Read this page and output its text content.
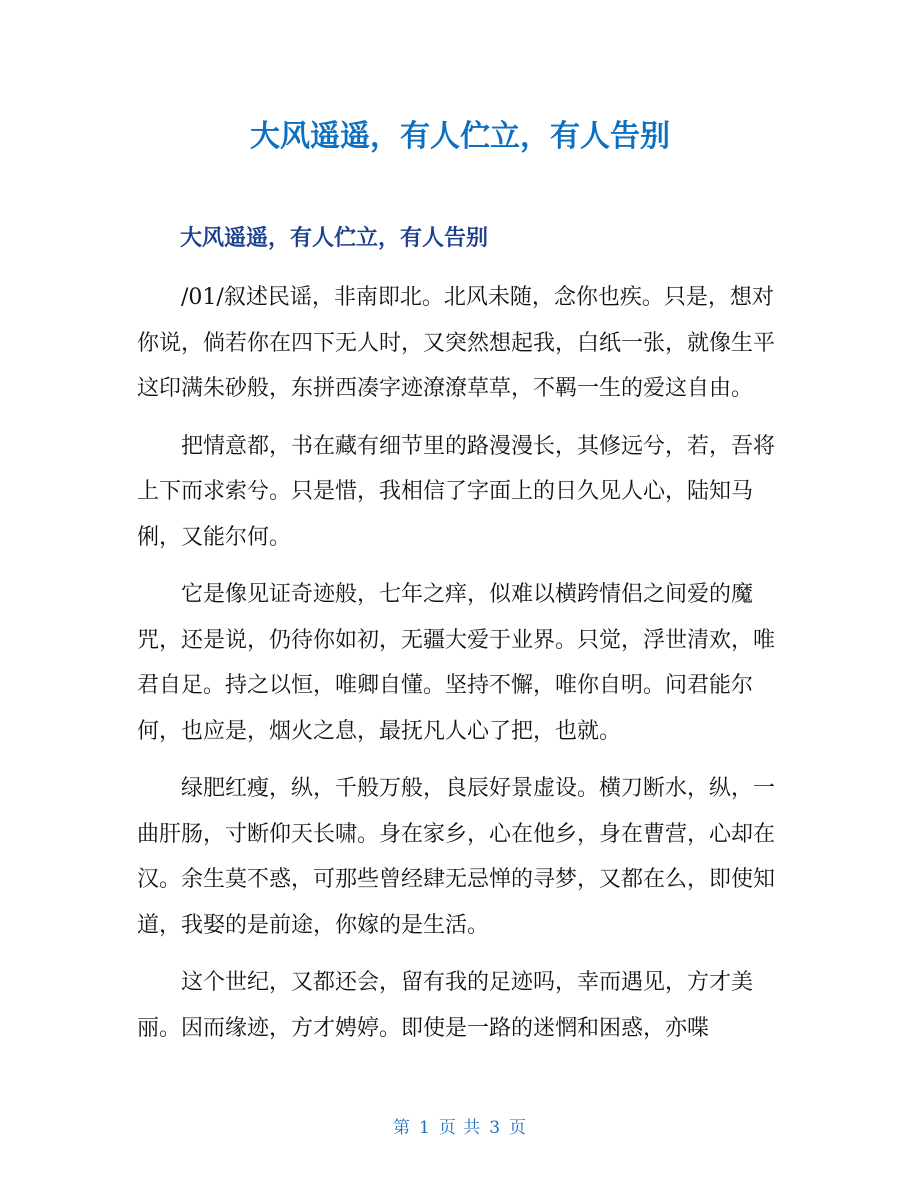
大风遥遥，有人伫立，有人告别
大风遥遥，有人伫立，有人告别

/01/叙述民谣，非南即北。北风未随，念你也疾。只是，想对你说，倘若你在四下无人时，又突然想起我，白纸一张，就像生平这印满朱砂般，东拼西凑字迹潦潦草草，不羁一生的爱这自由。

把情意都，书在藏有细节里的路漫漫长，其修远兮，若，吾将上下而求索兮。只是惜，我相信了字面上的日久见人心，陆知马俐，又能尔何。

它是像见证奇迹般，七年之痒，似难以横跨情侣之间爱的魔咒，还是说，仍待你如初，无疆大爱于业界。只觉，浮世清欢，唯君自足。持之以恒，唯卿自懂。坚持不懈，唯你自明。问君能尔何，也应是，烟火之息，最抚凡人心了把，也就。

绿肥红瘦，纵，千般万般，良辰好景虚设。横刀断水，纵，一曲肝肠，寸断仰天长啸。身在家乡，心在他乡，身在曹营，心却在汉。余生莫不惑，可那些曾经肆无忌惮的寻梦，又都在么，即使知道，我娶的是前途，你嫁的是生活。

这个世纪，又都还会，留有我的足迹吗，幸而遇见，方才美丽。因而缘迹，方才娉婷。即使是一路的迷惘和困惑，亦喋

第 1 页 共 3 页
